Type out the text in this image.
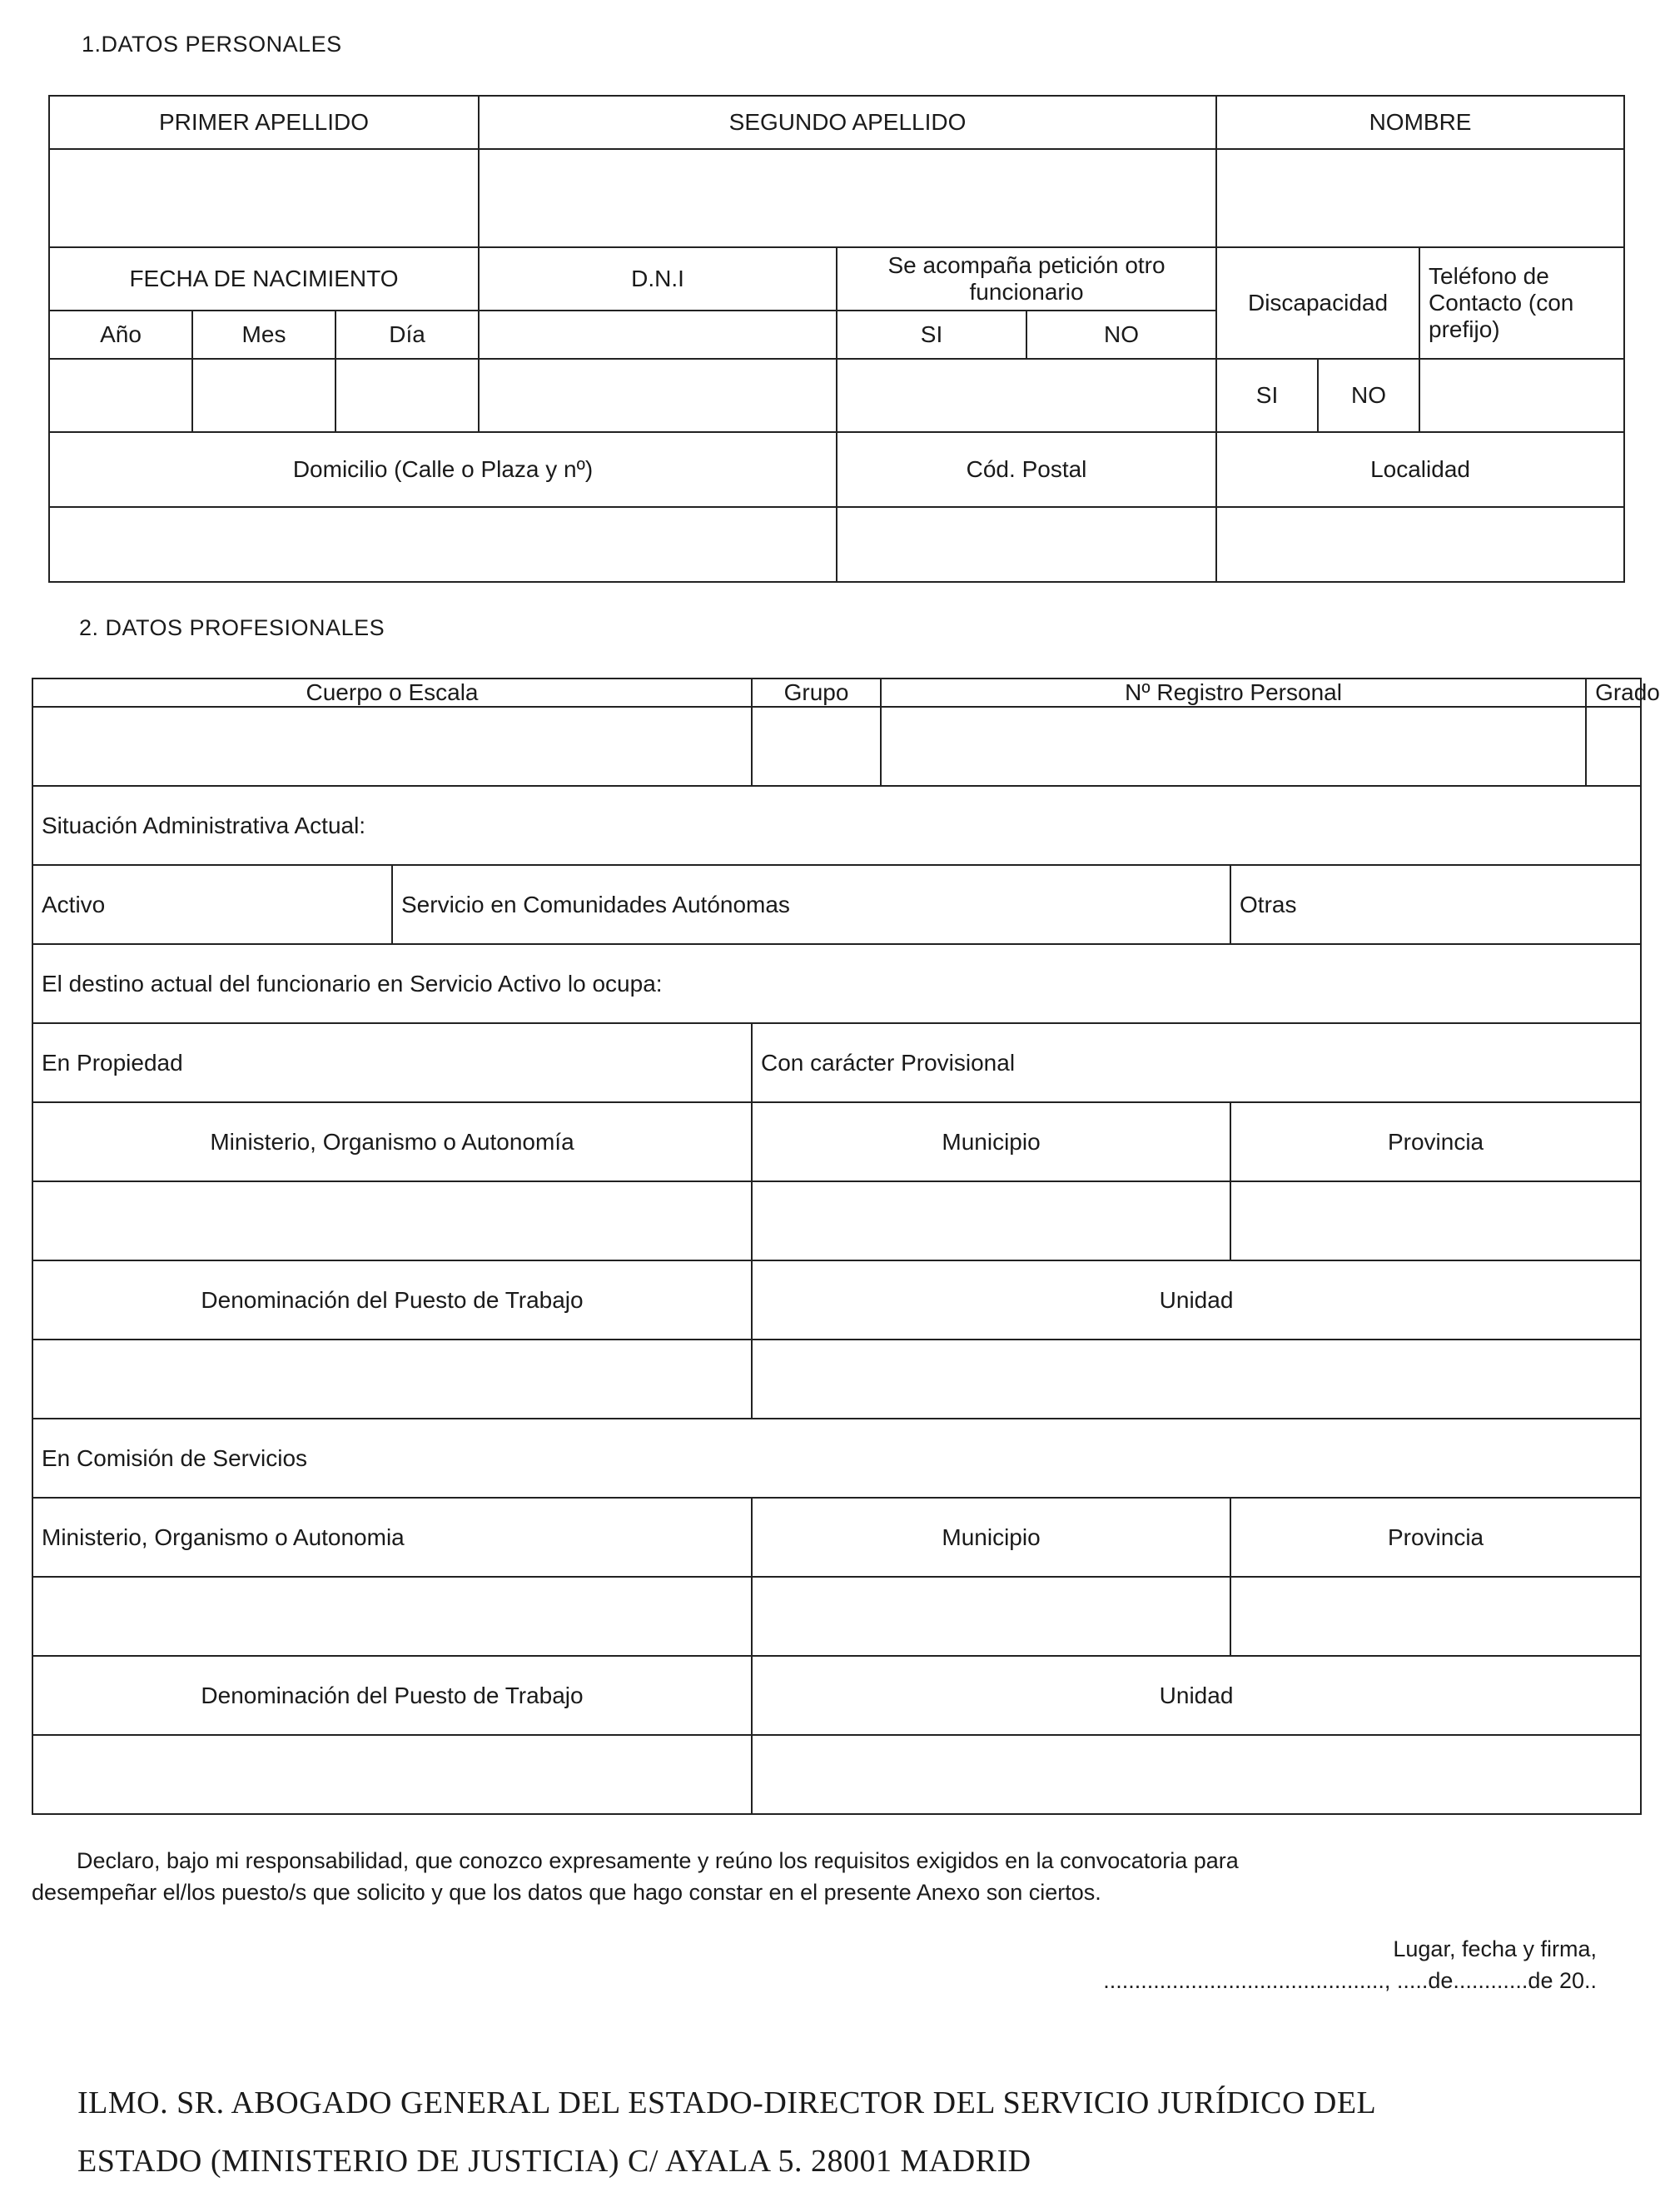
1.DATOS PERSONALES
PRIMER APELLIDO			SEGUNDO APELLIDO			NOMBRE		

FECHA DE NACIMIENTO			D.N.I	Se acompaña petición otro funcionario		Discapacidad		Teléfono de Contacto (con prefijo)
Año	Mes	Día		SI	NO			
						SI	NO	
Domicilio (Calle o Plaza y nº)				Cód. Postal		Localidad		

2. DATOS PROFESIONALES
Cuerpo o Escala		Grupo	Nº Registro Personal		Grado

Situación Administrativa Actual:					
Activo	Servicio en Comunidades Autónomas			Otras	
El destino actual del funcionario en Servicio Activo lo ocupa:					
En Propiedad		Con carácter Provisional			
Ministerio, Organismo o Autonomía		Municipio		Provincia	

Denominación del Puesto de Trabajo		Unidad			

En Comisión de Servicios					
Ministerio, Organismo o Autonomia		Municipio		Provincia	

Denominación del Puesto de Trabajo		Unidad			

Declaro, bajo mi responsabilidad, que conozco expresamente y reúno los requisitos exigidos en la convocatoria para
desempeñar el/los puesto/s que solicito y que los datos que hago constar en el presente Anexo son ciertos.
Lugar, fecha y firma,
............................................., .....de............de 20..
ILMO. SR. ABOGADO GENERAL DEL ESTADO-DIRECTOR DEL SERVICIO JURÍDICO DEL
ESTADO (MINISTERIO DE JUSTICIA) C/ AYALA 5. 28001 MADRID
